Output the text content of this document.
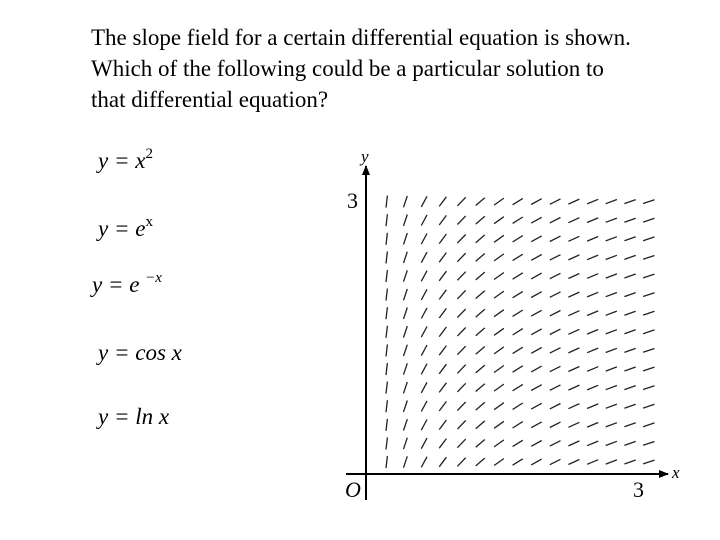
The slope field for a certain differential equation is shown.
Which of the following could be a particular solution to
that differential equation?
$y = x^2$
$y = e^x$
y = e $^{-x}$
y = cos x
y = ln x
y
x
O
3
3
